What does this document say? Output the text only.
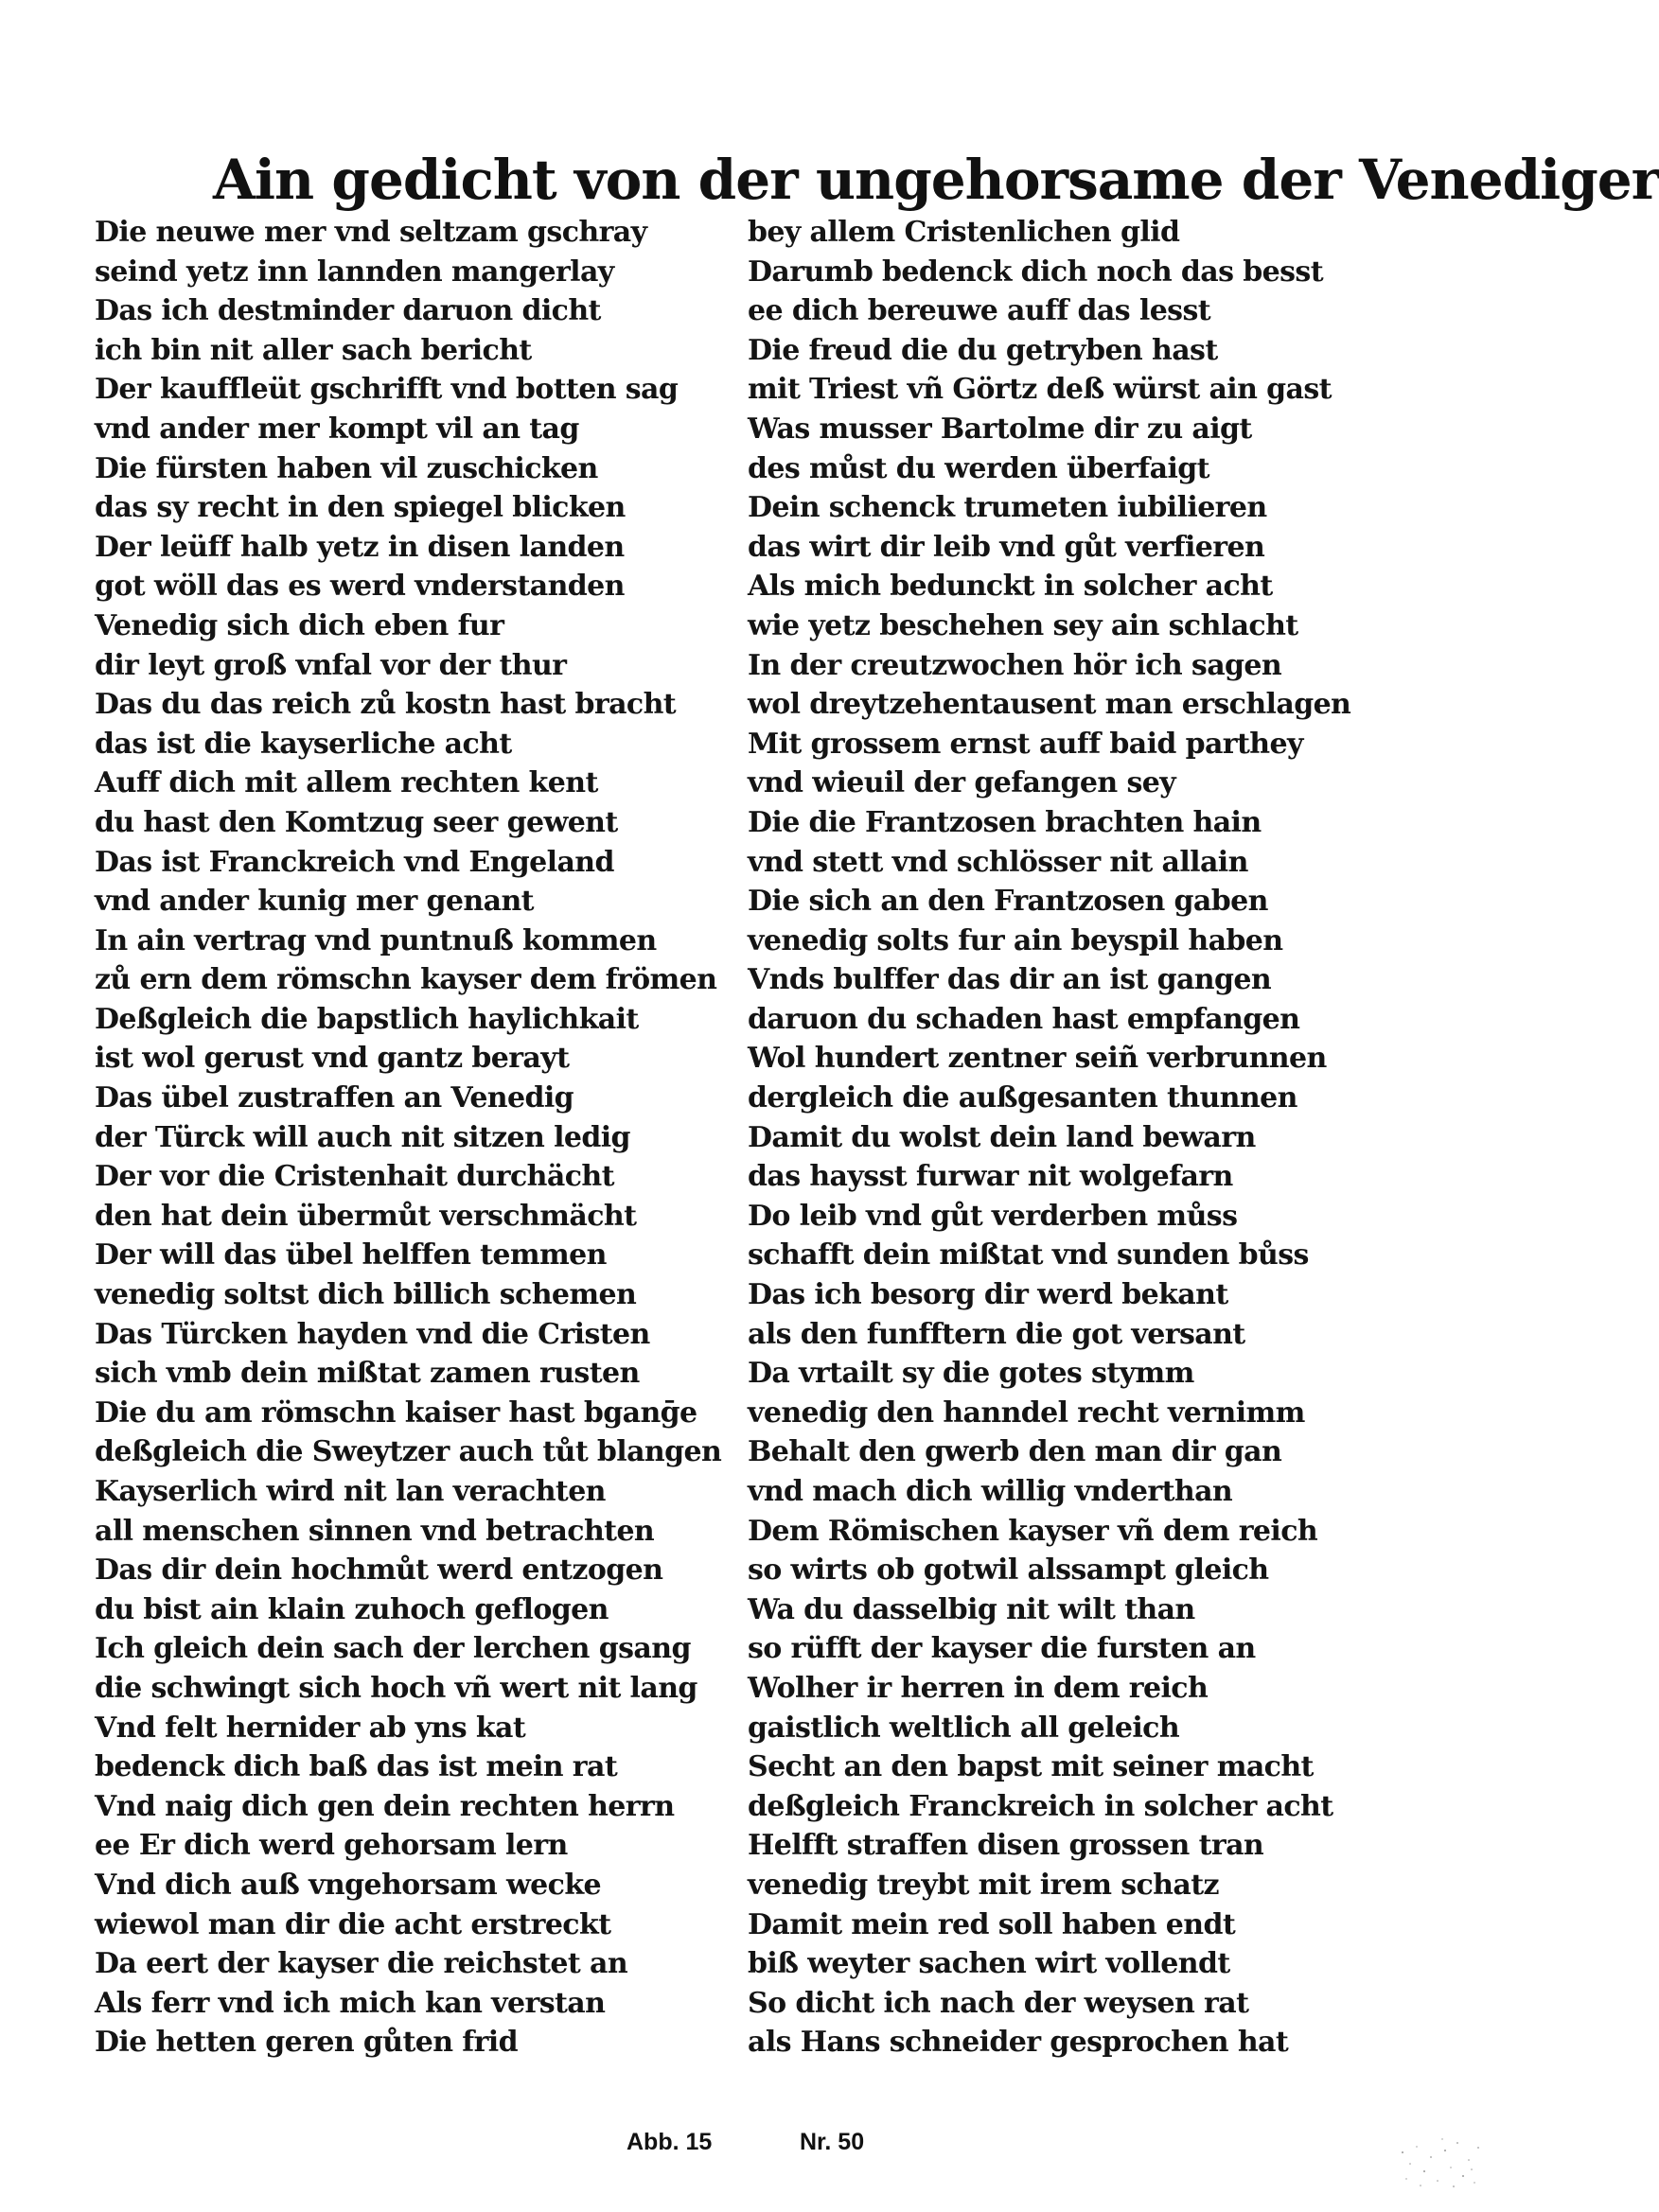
Ain gedicht von der ungehorsame der Venediger
Die neuwe mer vnd seltzam gschray
seind yetz inn lannden mangerlay
Das ich destminder daruon dicht
ich bin nit aller sach bericht
Der kauffleüt gschrifft vnd botten sag
vnd ander mer kompt vil an tag
Die fürsten haben vil zuschicken
das sy recht in den spiegel blicken
Der leüff halb yetz in disen landen
got wöll das es werd vnderstanden
Venedig sich dich eben fur
dir leyt groß vnfal vor der thur
Das du das reich zů kostn hast bracht
das ist die kayserliche acht
Auff dich mit allem rechten kent
du hast den Komtzug seer gewent
Das ist Franckreich vnd Engeland
vnd ander kunig mer genant
In ain vertrag vnd puntnuß kommen
zů ern dem römschn kayser dem frömen
Deßgleich die bapstlich haylichkait
ist wol gerust vnd gantz berayt
Das übel zustraffen an Venedig
der Türck will auch nit sitzen ledig
Der vor die Cristenhait durchächt
den hat dein übermůt verschmächt
Der will das übel helffen temmen
venedig soltst dich billich schemen
Das Türcken hayden vnd die Cristen
sich vmb dein mißtat zamen rusten
Die du am römschn kaiser hast bganḡe
deßgleich die Sweytzer auch tůt blangen
Kayserlich wird nit lan verachten
all menschen sinnen vnd betrachten
Das dir dein hochmůt werd entzogen
du bist ain klain zuhoch geflogen
Ich gleich dein sach der lerchen gsang
die schwingt sich hoch vñ wert nit lang
Vnd felt hernider ab yns kat
bedenck dich baß das ist mein rat
Vnd naig dich gen dein rechten herrn
ee Er dich werd gehorsam lern
Vnd dich auß vngehorsam wecke
wiewol man dir die acht erstreckt
Da eert der kayser die reichstet an
Als ferr vnd ich mich kan verstan
Die hetten geren gůten frid
bey allem Cristenlichen glid
Darumb bedenck dich noch das besst
ee dich bereuwe auff das lesst
Die freud die du getryben hast
mit Triest vñ Görtz deß würst ain gast
Was musser Bartolme dir zu aigt
des můst du werden überfaigt
Dein schenck trumeten iubilieren
das wirt dir leib vnd gůt verfieren
Als mich bedunckt in solcher acht
wie yetz beschehen sey ain schlacht
In der creutzwochen hör ich sagen
wol dreytzehentausent man erschlagen
Mit grossem ernst auff baid parthey
vnd wieuil der gefangen sey
Die die Frantzosen brachten hain
vnd stett vnd schlösser nit allain
Die sich an den Frantzosen gaben
venedig solts fur ain beyspil haben
Vnds bulffer das dir an ist gangen
daruon du schaden hast empfangen
Wol hundert zentner seiñ verbrunnen
dergleich die außgesanten thunnen
Damit du wolst dein land bewarn
das haysst furwar nit wolgefarn
Do leib vnd gůt verderben můss
schafft dein mißtat vnd sunden bůss
Das ich besorg dir werd bekant
als den funfftern die got versant
Da vrtailt sy die gotes stymm
venedig den hanndel recht vernimm
Behalt den gwerb den man dir gan
vnd mach dich willig vnderthan
Dem Römischen kayser vñ dem reich
so wirts ob gotwil alssampt gleich
Wa du dasselbig nit wilt than
so rüfft der kayser die fursten an
Wolher ir herren in dem reich
gaistlich weltlich all geleich
Secht an den bapst mit seiner macht
deßgleich Franckreich in solcher acht
Helfft straffen disen grossen tran
venedig treybt mit irem schatz
Damit mein red soll haben endt
biß weyter sachen wirt vollendt
So dicht ich nach der weysen rat
als Hans schneider gesprochen hat
Abb. 15	Nr. 50
